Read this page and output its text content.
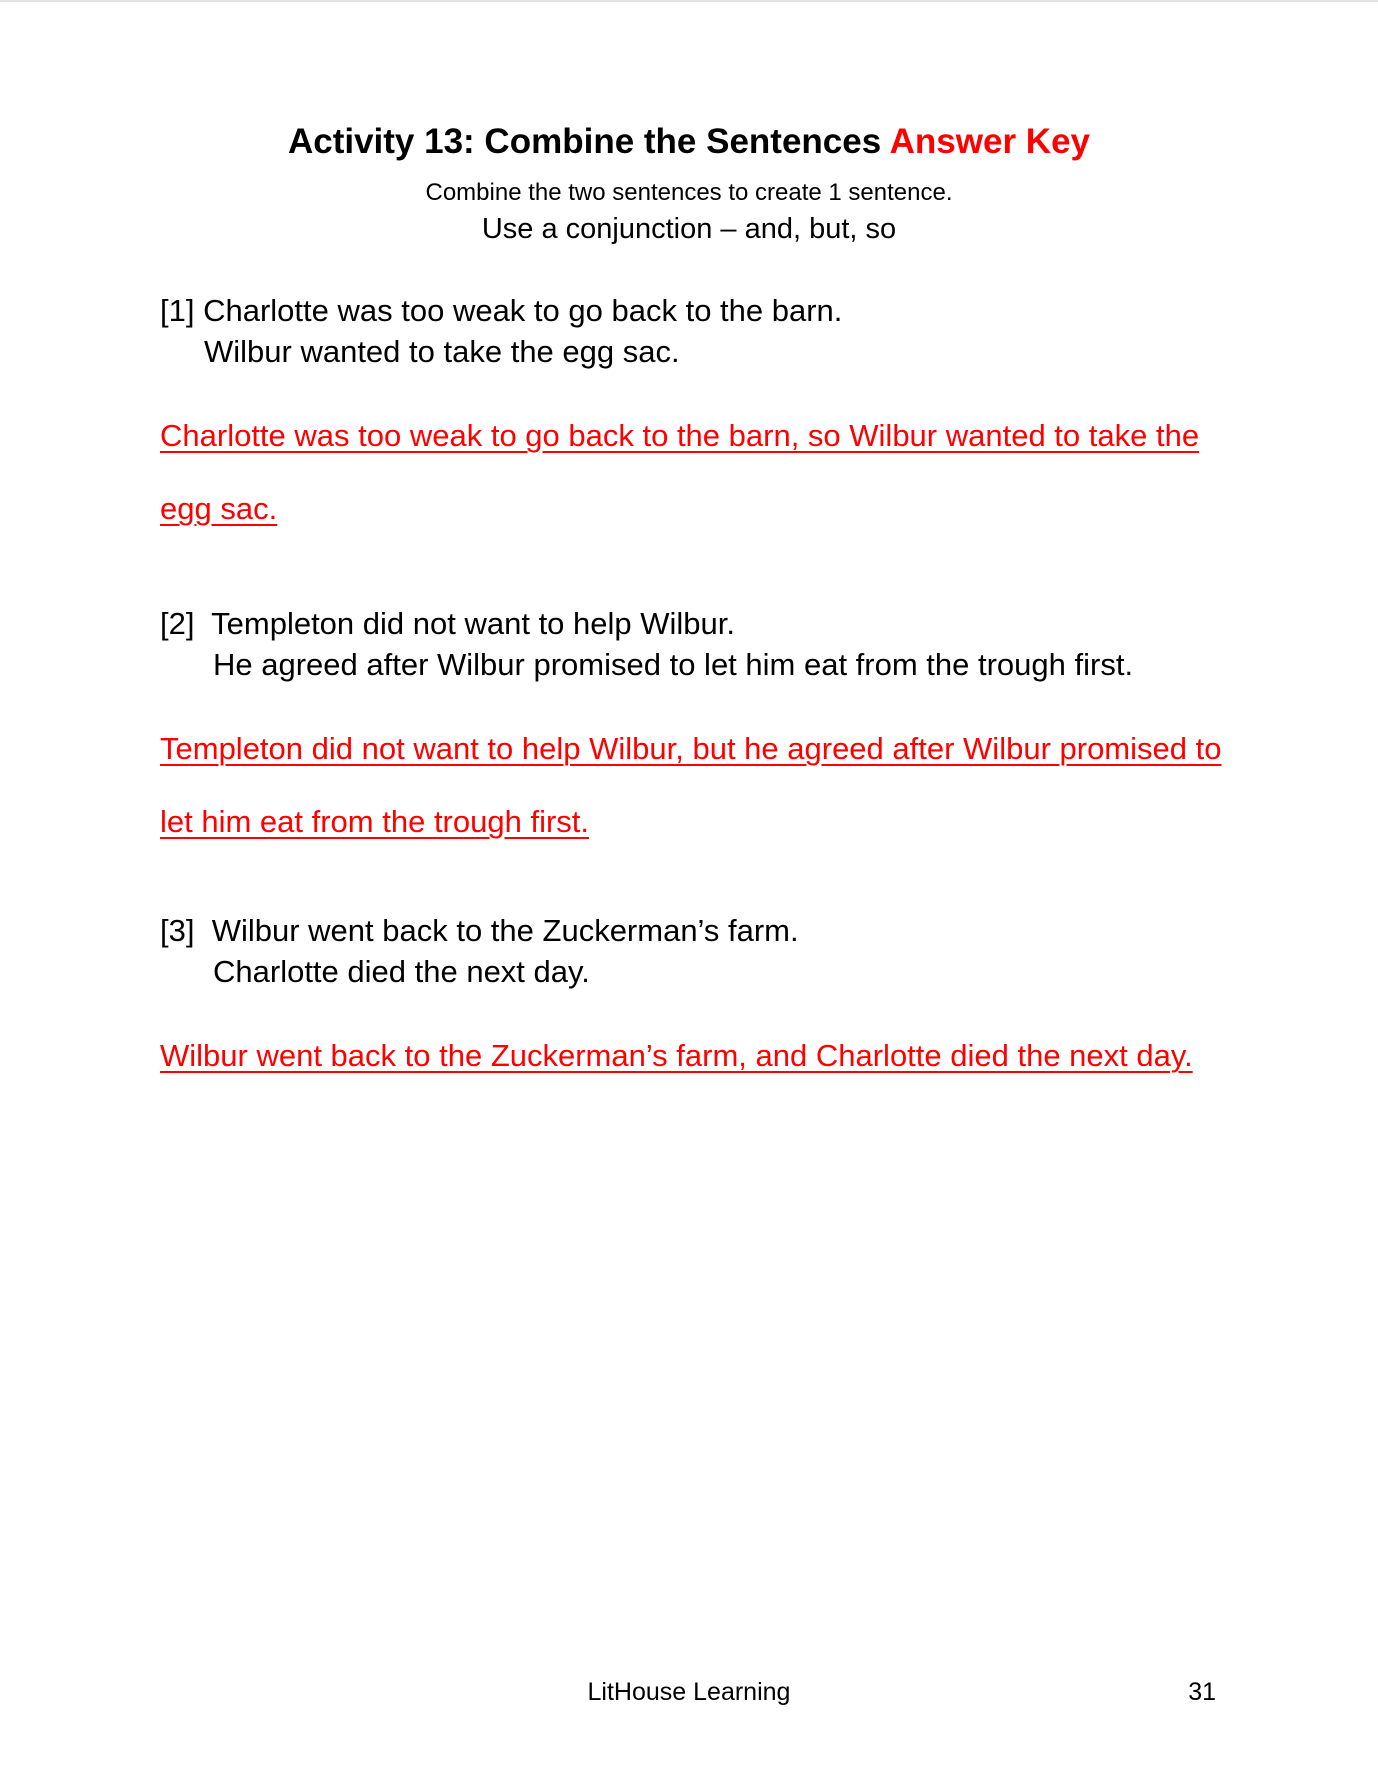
Activity 13: Combine the Sentences Answer Key
Combine the two sentences to create 1 sentence.
Use a conjunction – and, but, so
[1] Charlotte was too weak to go back to the barn.
Wilbur wanted to take the egg sac.
Charlotte was too weak to go back to the barn, so Wilbur wanted to take the egg sac.
[2] Templeton did not want to help Wilbur.
He agreed after Wilbur promised to let him eat from the trough first.
Templeton did not want to help Wilbur, but he agreed after Wilbur promised to let him eat from the trough first.
[3] Wilbur went back to the Zuckerman’s farm.
Charlotte died the next day.
Wilbur went back to the Zuckerman’s farm, and Charlotte died the next day.
LitHouse Learning	31
